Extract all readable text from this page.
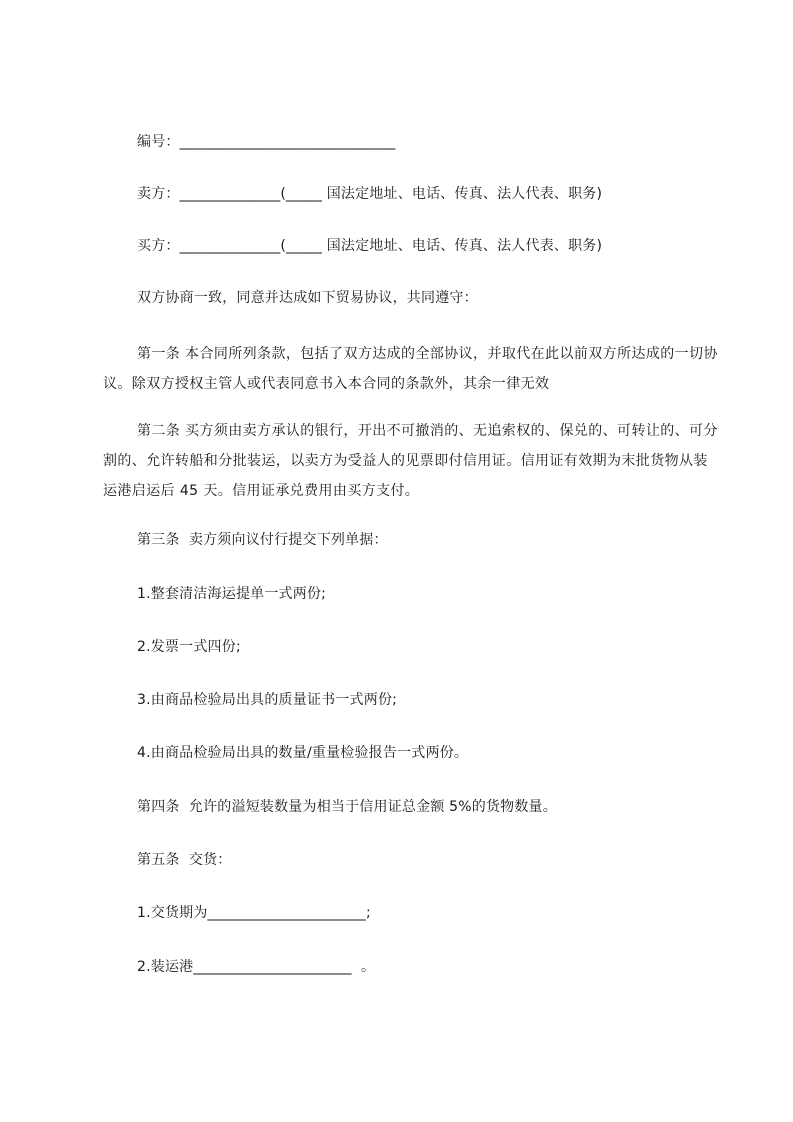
编号：______________________________
卖方：______________(_____ 国法定地址、电话、传真、法人代表、职务)
买方：______________(_____ 国法定地址、电话、传真、法人代表、职务)
双方协商一致，同意并达成如下贸易协议，共同遵守：
第一条 本合同所列条款，包括了双方达成的全部协议，并取代在此以前双方所达成的一切协议。除双方授权主管人或代表同意书入本合同的条款外，其余一律无效
第二条 买方须由卖方承认的银行，开出不可撤消的、无追索权的、保兑的、可转让的、可分割的、允许转船和分批装运，以卖方为受益人的见票即付信用证。信用证有效期为末批货物从装运港启运后 45 天。信用证承兑费用由买方支付。
第三条  卖方须向议付行提交下列单据：
1.整套清洁海运提单一式两份;
2.发票一式四份;
3.由商品检验局出具的质量证书一式两份;
4.由商品检验局出具的数量/重量检验报告一式两份。
第四条  允许的溢短装数量为相当于信用证总金额 5%的货物数量。
第五条  交货：
1.交货期为______________________;
2.装运港______________________  。
